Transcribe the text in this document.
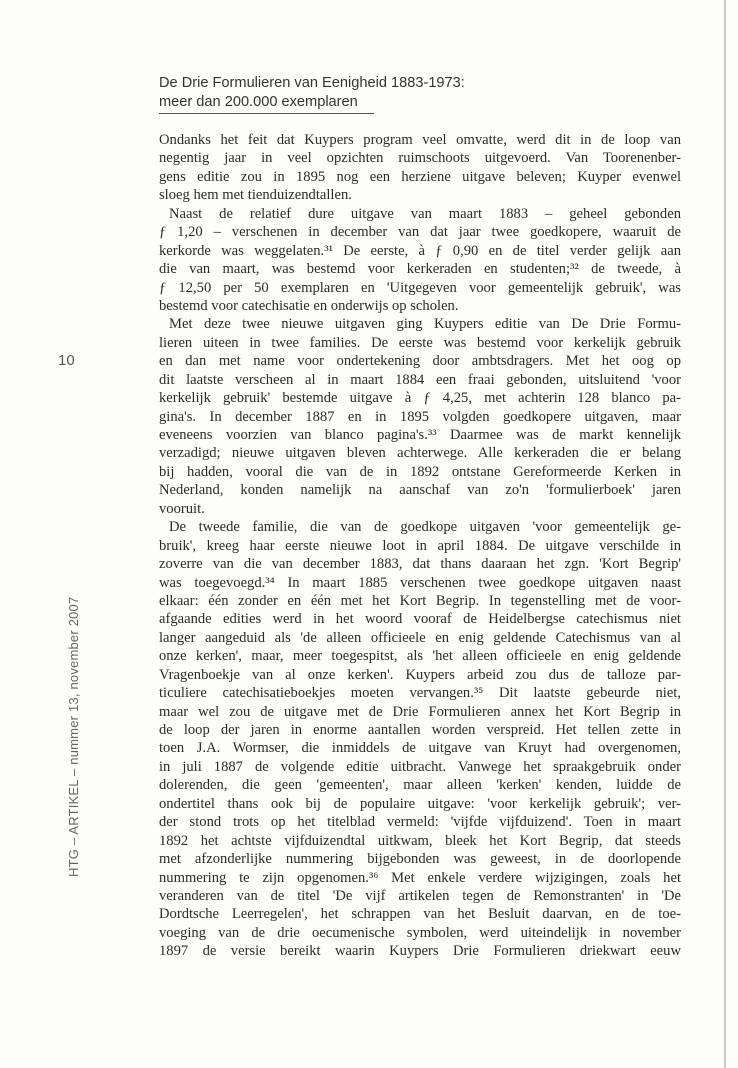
De Drie Formulieren van Eenigheid 1883-1973:
meer dan 200.000 exemplaren
10
HTG – ARTIKEL – nummer 13, november 2007
Ondanks het feit dat Kuypers program veel omvatte, werd dit in de loop van
negentig jaar in veel opzichten ruimschoots uitgevoerd. Van Toorenenber-
gens editie zou in 1895 nog een herziene uitgave beleven; Kuyper evenwel
sloeg hem met tienduizendtallen.
Naast de relatief dure uitgave van maart 1883 – geheel gebonden
ƒ 1,20 – verschenen in december van dat jaar twee goedkopere, waaruit de
kerkorde was weggelaten.³¹ De eerste, à ƒ 0,90 en de titel verder gelijk aan
die van maart, was bestemd voor kerkeraden en studenten;³² de tweede, à
ƒ 12,50 per 50 exemplaren en 'Uitgegeven voor gemeentelijk gebruik', was
bestemd voor catechisatie en onderwijs op scholen.
Met deze twee nieuwe uitgaven ging Kuypers editie van De Drie Formu-
lieren uiteen in twee families. De eerste was bestemd voor kerkelijk gebruik
en dan met name voor ondertekening door ambtsdragers. Met het oog op
dit laatste verscheen al in maart 1884 een fraai gebonden, uitsluitend 'voor
kerkelijk gebruik' bestemde uitgave à ƒ 4,25, met achterin 128 blanco pa-
gina's. In december 1887 en in 1895 volgden goedkopere uitgaven, maar
eveneens voorzien van blanco pagina's.³³ Daarmee was de markt kennelijk
verzadigd; nieuwe uitgaven bleven achterwege. Alle kerkeraden die er belang
bij hadden, vooral die van de in 1892 ontstane Gereformeerde Kerken in
Nederland, konden namelijk na aanschaf van zo'n 'formulierboek' jaren
vooruit.
De tweede familie, die van de goedkope uitgaven 'voor gemeentelijk ge-
bruik', kreeg haar eerste nieuwe loot in april 1884. De uitgave verschilde in
zoverre van die van december 1883, dat thans daaraan het zgn. 'Kort Begrip'
was toegevoegd.³⁴ In maart 1885 verschenen twee goedkope uitgaven naast
elkaar: één zonder en één met het Kort Begrip. In tegenstelling met de voor-
afgaande edities werd in het woord vooraf de Heidelbergse catechismus niet
langer aangeduid als 'de alleen officieele en enig geldende Catechismus van al
onze kerken', maar, meer toegespitst, als 'het alleen officieele en enig geldende
Vragenboekje van al onze kerken'. Kuypers arbeid zou dus de talloze par-
ticuliere catechisatieboekjes moeten vervangen.³⁵ Dit laatste gebeurde niet,
maar wel zou de uitgave met de Drie Formulieren annex het Kort Begrip in
de loop der jaren in enorme aantallen worden verspreid. Het tellen zette in
toen J.A. Wormser, die inmiddels de uitgave van Kruyt had overgenomen,
in juli 1887 de volgende editie uitbracht. Vanwege het spraakgebruik onder
dolerenden, die geen 'gemeenten', maar alleen 'kerken' kenden, luidde de
ondertitel thans ook bij de populaire uitgave: 'voor kerkelijk gebruik'; ver-
der stond trots op het titelblad vermeld: 'vijfde vijfduizend'. Toen in maart
1892 het achtste vijfduizendtal uitkwam, bleek het Kort Begrip, dat steeds
met afzonderlijke nummering bijgebonden was geweest, in de doorlopende
nummering te zijn opgenomen.³⁶ Met enkele verdere wijzigingen, zoals het
veranderen van de titel 'De vijf artikelen tegen de Remonstranten' in 'De
Dordtsche Leerregelen', het schrappen van het Besluit daarvan, en de toe-
voeging van de drie oecumenische symbolen, werd uiteindelijk in november
1897 de versie bereikt waarin Kuypers Drie Formulieren driekwart eeuw
